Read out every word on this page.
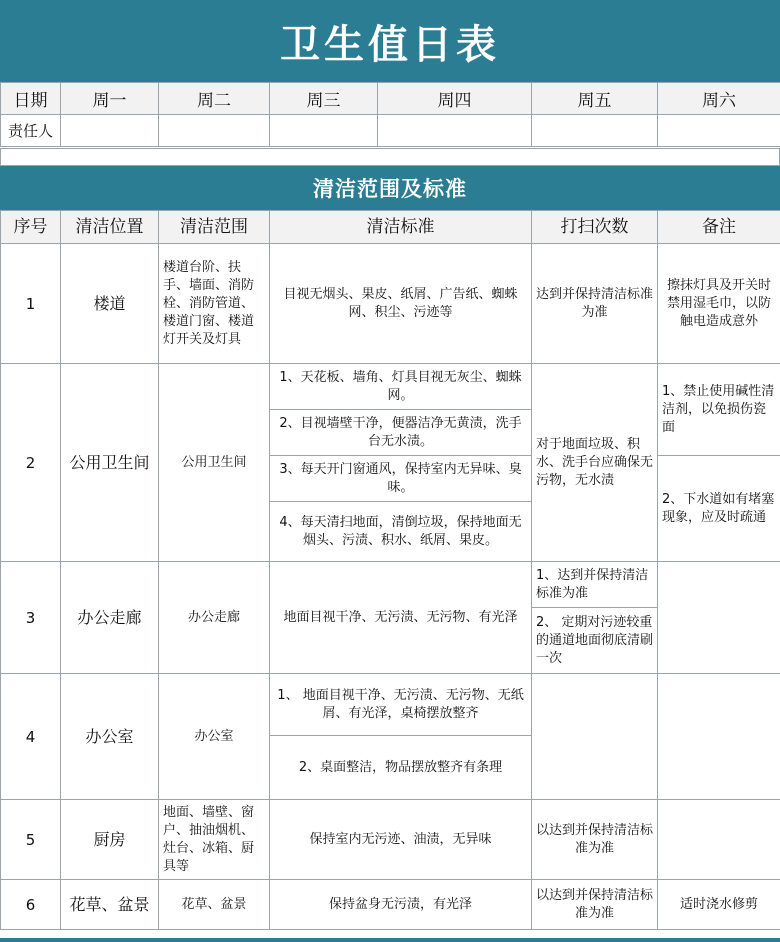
卫生值日表
日期	周一	周二	周三	周四	周五	周六
责任人						
清洁范围及标准
序号	清洁位置	清洁范围	清洁标准	打扫次数	备注
1	楼道	楼道台阶、扶手、墙面、消防栓、消防管道、楼道门窗、楼道灯开关及灯具	目视无烟头、果皮、纸屑、广告纸、蜘蛛网、积尘、污迹等	达到并保持清洁标准为准	擦抹灯具及开关时禁用湿毛巾，以防触电造成意外
2	公用卫生间	公用卫生间	1、天花板、墙角、灯具目视无灰尘、蜘蛛网。	对于地面垃圾、积水、洗手台应确保无污物，无水渍	1、禁止使用碱性清洁剂，以免损伤瓷面
			2、目视墙壁干净，便器洁净无黄渍，洗手台无水渍。		
			3、每天开门窗通风，保持室内无异味、臭味。		2、下水道如有堵塞现象，应及时疏通
			4、每天清扫地面，清倒垃圾，保持地面无烟头、污渍、积水、纸屑、果皮。		
3	办公走廊	办公走廊	地面目视干净、无污渍、无污物、有光泽	1、达到并保持清洁标准为准	
				2、 定期对污迹较重的通道地面彻底清刷一次	
4	办公室	办公室	1、 地面目视干净、无污渍、无污物、无纸屑、有光泽，桌椅摆放整齐		
			2、桌面整洁，物品摆放整齐有条理		
5	厨房	地面、墙壁、窗户、抽油烟机、灶台、冰箱、厨具等	保持室内无污迹、油渍，无异味	以达到并保持清洁标准为准	
6	花草、盆景	花草、盆景	保持盆身无污渍，有光泽	以达到并保持清洁标准为准	适时浇水修剪
